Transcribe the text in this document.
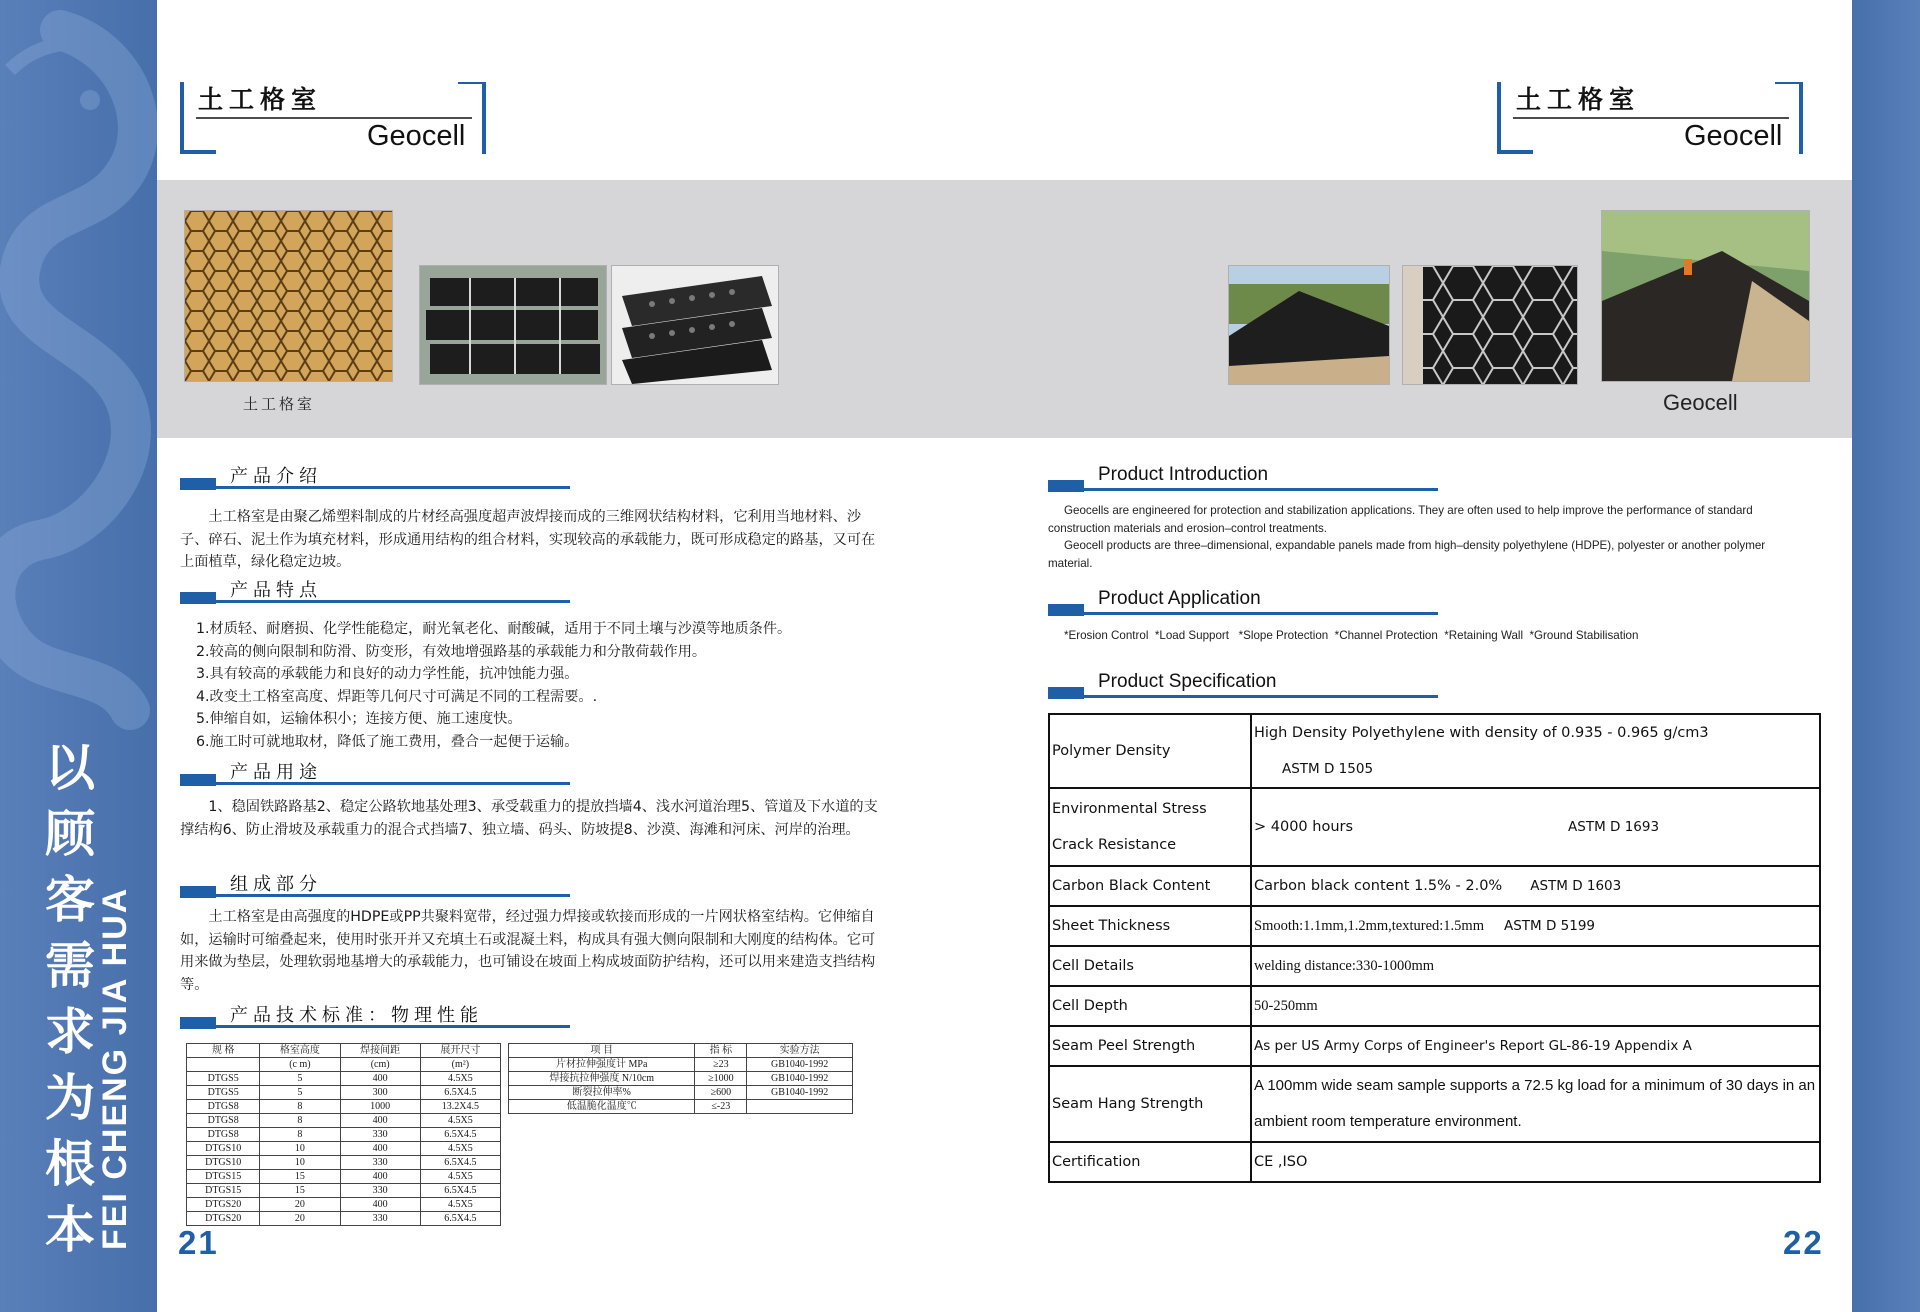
以
顾
客
需
求
为
根
本 FEI CHENG JIA HUA
土工格室
Geocell
土工格室
Geocell
土工格室	Geocell
产品介绍

土工格室是由聚乙烯塑料制成的片材经高强度超声波焊接而成的三维网状结构材料，它利用当地材料、沙子、碎石、泥土作为填充材料，形成通用结构的组合材料，实现较高的承载能力，既可形成稳定的路基，又可在上面植草，绿化稳定边坡。

产品特点

1.材质轻、耐磨损、化学性能稳定，耐光氧老化、耐酸碱，适用于不同土壤与沙漠等地质条件。

2.较高的侧向限制和防滑、防变形，有效地增强路基的承载能力和分散荷载作用。

3.具有较高的承载能力和良好的动力学性能，抗冲蚀能力强。

4.改变土工格室高度、焊距等几何尺寸可满足不同的工程需要。.

5.伸缩自如，运输体积小；连接方便、施工速度快。

6.施工时可就地取材，降低了施工费用，叠合一起便于运输。

产品用途

1、稳固铁路路基2、稳定公路软地基处理3、承受载重力的提放挡墙4、浅水河道治理5、管道及下水道的支撑结构6、防止滑坡及承载重力的混合式挡墙7、独立墙、码头、防坡提8、沙漠、海滩和河床、河岸的治理。

组成部分

土工格室是由高强度的HDPE或PP共聚料宽带，经过强力焊接或软接而形成的一片网状格室结构。它伸缩自如，运输时可缩叠起来，使用时张开并又充填土石或混凝土料，构成具有强大侧向限制和大刚度的结构体。它可用来做为垫层，处理软弱地基增大的承载能力，也可铺设在坡面上构成坡面防护结构，还可以用来建造支挡结构等。

产品技术标准：物理性能
规 格	格室高度	焊接间距	展开尺寸
	(c m)	(cm)	(m²)
DTGS5	5	400	4.5X5
DTGS5	5	300	6.5X4.5
DTGS8	8	1000	13.2X4.5
DTGS8	8	400	4.5X5
DTGS8	8	330	6.5X4.5
DTGS10	10	400	4.5X5
DTGS10	10	330	6.5X4.5
DTGS15	15	400	4.5X5
DTGS15	15	330	6.5X4.5
DTGS20	20	400	4.5X5
DTGS20	20	330	6.5X4.5
项 目	指 标	实验方法
片材拉伸强度计 MPa	≥23	GB1040-1992
焊接抗拉伸强度 N/10cm	≥1000	GB1040-1992
断裂拉伸率%	≥600	GB1040-1992
低温脆化温度℃	≤-23	
21
Product Introduction

Geocells are engineered for protection and stabilization applications. They are often used to help improve the performance of standard construction materials and erosion–control treatments.

Geocell products are three–dimensional, expandable panels made from high–density polyethylene (HDPE), polyester or another polymer material.

Product Application
*Erosion Control  *Load Support   *Slope Protection  *Channel Protection  *Retaining Wall  *Ground Stabilisation
Product Specification
Polymer Density	High Density Polyethylene with density of 0.935 - 0.965 g/cm3ASTM D 1505
Environmental Stress Crack Resistance	> 4000 hours ASTM D 1693
Carbon Black Content	Carbon black content 1.5% - 2.0% ASTM D 1603
Sheet Thickness	Smooth:1.1mm,1.2mm,textured:1.5mm ASTM D 5199
Cell Details	welding distance:330-1000mm
Cell Depth	50-250mm
Seam Peel Strength	As per US Army Corps of Engineer's Report GL-86-19 Appendix A
Seam Hang Strength	A 100mm wide seam sample supports a 72.5 kg load for a minimum of 30 days in an ambient room temperature environment.
Certification	CE ,ISO
22
